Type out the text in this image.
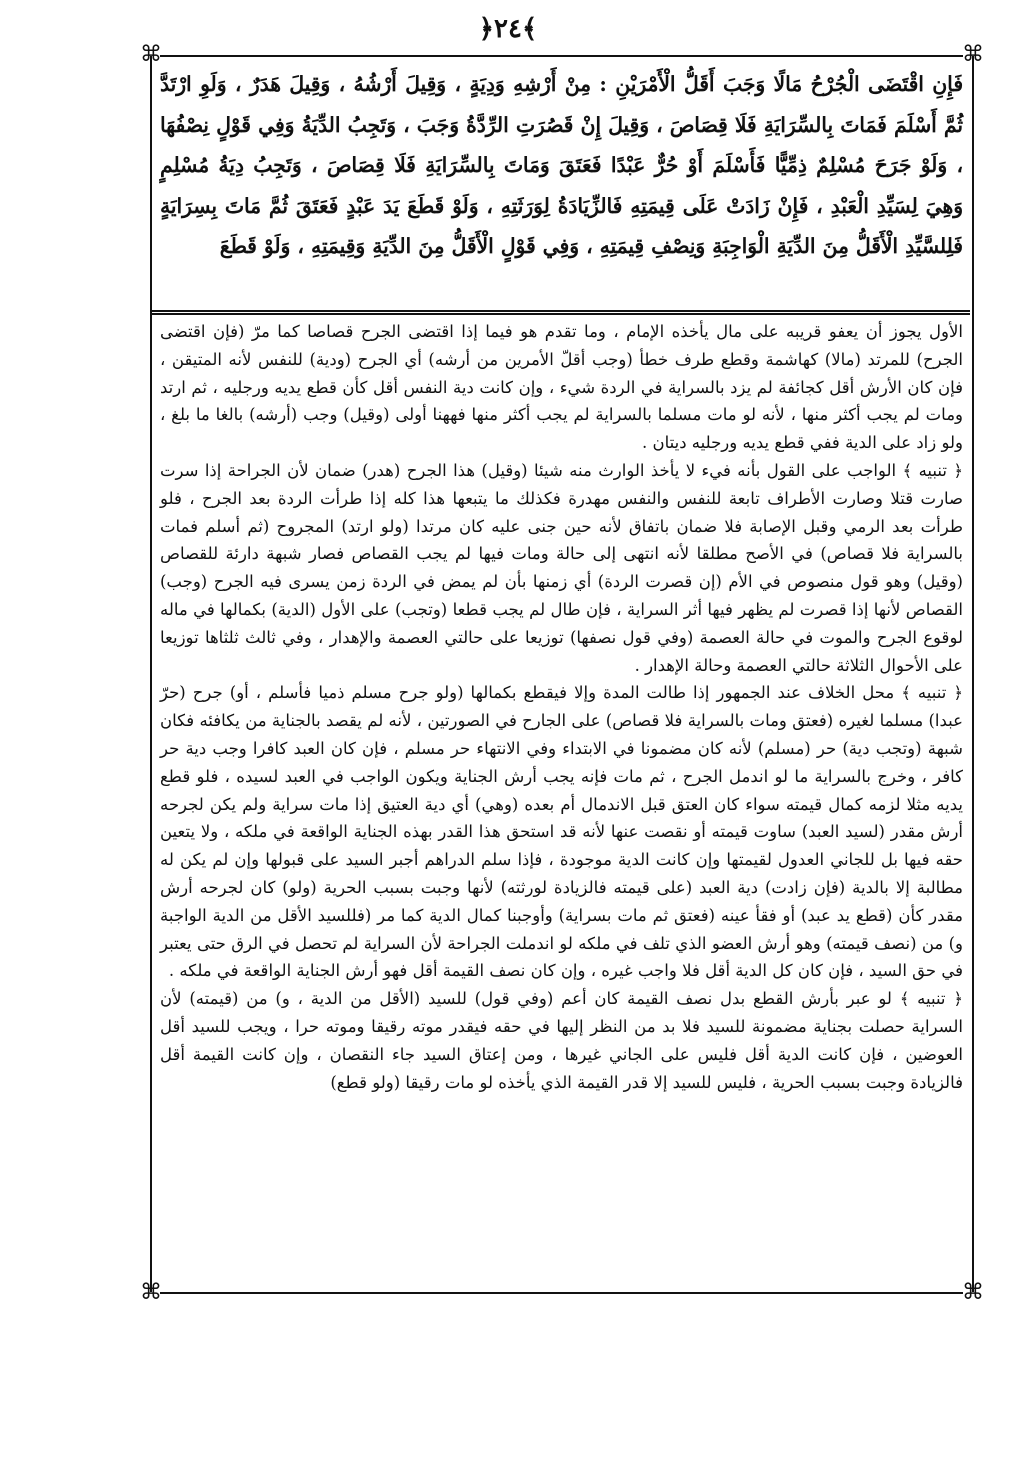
﴿٢٤﴾
⌘	⌘
فَإِنِ اقْتَضَى الْجُرْحُ مَالًا وَجَبَ أَقَلُّ الْأَمْرَيْنِ : مِنْ أَرْشِهِ وَدِيَةٍ ، وَقِيلَ أَرْشُهُ ، وَقِيلَ هَدَرٌ ، وَلَوِ ارْتَدَّ ثُمَّ أَسْلَمَ فَمَاتَ بِالسِّرَايَةِ فَلَا قِصَاصَ ، وَقِيلَ إِنْ قَصُرَتِ الرِّدَّةُ وَجَبَ ، وَتَجِبُ الدِّيَةُ وَفِي قَوْلٍ نِصْفُهَا ، وَلَوْ جَرَحَ مُسْلِمٌ ذِمِّيًّا فَأَسْلَمَ أَوْ حُرٌّ عَبْدًا فَعَتَقَ وَمَاتَ بِالسِّرَايَةِ فَلَا قِصَاصَ ، وَتَجِبُ دِيَةُ مُسْلِمٍ وَهِيَ لِسَيِّدِ الْعَبْدِ ، فَإِنْ زَادَتْ عَلَى قِيمَتِهِ فَالزِّيَادَةُ لِوَرَثَتِهِ ، وَلَوْ قَطَعَ يَدَ عَبْدٍ فَعَتَقَ ثُمَّ مَاتَ بِسِرَايَةٍ فَلِلسَّيِّدِ الْأَقَلُّ مِنَ الدِّيَةِ الْوَاجِبَةِ وَنِصْفِ قِيمَتِهِ ، وَفِي قَوْلٍ الْأَقَلُّ مِنَ الدِّيَةِ وَقِيمَتِهِ ، وَلَوْ قَطَعَ

الأول يجوز أن يعفو قريبه على مال يأخذه الإمام ، وما تقدم هو فيما إذا اقتضى الجرح قصاصا كما مرّ (فإن اقتضى الجرح) للمرتد (مالا) كهاشمة وقطع طرف خطأ (وجب أقلّ الأمرين من أرشه) أي الجرح (ودية) للنفس لأنه المتيقن ، فإن كان الأرش أقل كجائفة لم يزد بالسراية في الردة شيء ، وإن كانت دية النفس أقل كأن قطع يديه ورجليه ، ثم ارتد ومات لم يجب أكثر منها ، لأنه لو مات مسلما بالسراية لم يجب أكثر منها فههنا أولى (وقيل) وجب (أرشه) بالغا ما بلغ ، ولو زاد على الدية ففي قطع يديه ورجليه ديتان .

﴿ تنبيه ﴾ الواجب على القول بأنه فيء لا يأخذ الوارث منه شيئا (وقيل) هذا الجرح (هدر) ضمان لأن الجراحة إذا سرت صارت قتلا وصارت الأطراف تابعة للنفس والنفس مهدرة فكذلك ما يتبعها هذا كله إذا طرأت الردة بعد الجرح ، فلو طرأت بعد الرمي وقبل الإصابة فلا ضمان باتفاق لأنه حين جنى عليه كان مرتدا (ولو ارتد) المجروح (ثم أسلم فمات بالسراية فلا قصاص) في الأصح مطلقا لأنه انتهى إلى حالة ومات فيها لم يجب القصاص فصار شبهة دارئة للقصاص (وقيل) وهو قول منصوص في الأم (إن قصرت الردة) أي زمنها بأن لم يمض في الردة زمن يسرى فيه الجرح (وجب) القصاص لأنها إذا قصرت لم يظهر فيها أثر السراية ، فإن طال لم يجب قطعا (وتجب) على الأول (الدية) بكمالها في ماله لوقوع الجرح والموت في حالة العصمة (وفي قول نصفها) توزيعا على حالتي العصمة والإهدار ، وفي ثالث ثلثاها توزيعا على الأحوال الثلاثة حالتي العصمة وحالة الإهدار .

﴿ تنبيه ﴾ محل الخلاف عند الجمهور إذا طالت المدة وإلا فيقطع بكمالها (ولو جرح مسلم ذميا فأسلم ، أو) جرح (حرّ عبدا) مسلما لغيره (فعتق ومات بالسراية فلا قصاص) على الجارح في الصورتين ، لأنه لم يقصد بالجناية من يكافئه فكان شبهة (وتجب دية) حر (مسلم) لأنه كان مضمونا في الابتداء وفي الانتهاء حر مسلم ، فإن كان العبد كافرا وجب دية حر كافر ، وخرج بالسراية ما لو اندمل الجرح ، ثم مات فإنه يجب أرش الجناية ويكون الواجب في العبد لسيده ، فلو قطع يديه مثلا لزمه كمال قيمته سواء كان العتق قبل الاندمال أم بعده (وهي) أي دية العتيق إذا مات سراية ولم يكن لجرحه أرش مقدر (لسيد العبد) ساوت قيمته أو نقصت عنها لأنه قد استحق هذا القدر بهذه الجناية الواقعة في ملكه ، ولا يتعين حقه فيها بل للجاني العدول لقيمتها وإن كانت الدية موجودة ، فإذا سلم الدراهم أجبر السيد على قبولها وإن لم يكن له مطالبة إلا بالدية (فإن زادت) دية العبد (على قيمته فالزيادة لورثته) لأنها وجبت بسبب الحرية (ولو) كان لجرحه أرش مقدر كأن (قطع يد عبد) أو فقأ عينه (فعتق ثم مات بسراية) وأوجبنا كمال الدية كما مر (فللسيد الأقل من الدية الواجبة و) من (نصف قيمته) وهو أرش العضو الذي تلف في ملكه لو اندملت الجراحة لأن السراية لم تحصل في الرق حتى يعتبر في حق السيد ، فإن كان كل الدية أقل فلا واجب غيره ، وإن كان نصف القيمة أقل فهو أرش الجناية الواقعة في ملكه .

﴿ تنبيه ﴾ لو عبر بأرش القطع بدل نصف القيمة كان أعم (وفي قول) للسيد (الأقل من الدية ، و) من (قيمته) لأن السراية حصلت بجناية مضمونة للسيد فلا بد من النظر إليها في حقه فيقدر موته رقيقا وموته حرا ، ويجب للسيد أقل العوضين ، فإن كانت الدية أقل فليس على الجاني غيرها ، ومن إعتاق السيد جاء النقصان ، وإن كانت القيمة أقل فالزيادة وجبت بسبب الحرية ، فليس للسيد إلا قدر القيمة الذي يأخذه لو مات رقيقا (ولو قطع)

⌘	⌘
